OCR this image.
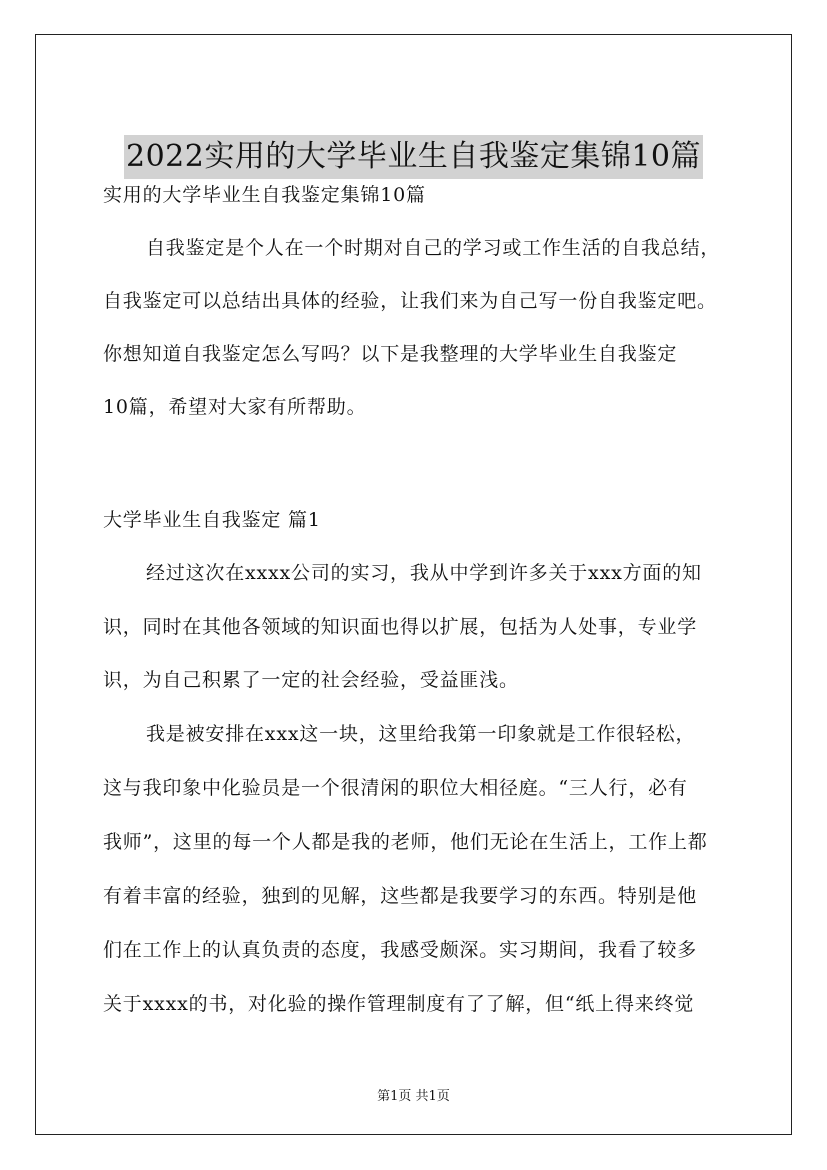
2022实用的大学毕业生自我鉴定集锦10篇
实用的大学毕业生自我鉴定集锦10篇
自我鉴定是个人在一个时期对自己的学习或工作生活的自我总结，
自我鉴定可以总结出具体的经验，让我们来为自己写一份自我鉴定吧。
你想知道自我鉴定怎么写吗？以下是我整理的大学毕业生自我鉴定
10篇，希望对大家有所帮助。
大学毕业生自我鉴定 篇1
经过这次在xxxx公司的实习，我从中学到许多关于xxx方面的知
识，同时在其他各领域的知识面也得以扩展，包括为人处事，专业学
识，为自己积累了一定的社会经验，受益匪浅。
我是被安排在xxx这一块，这里给我第一印象就是工作很轻松，
这与我印象中化验员是一个很清闲的职位大相径庭。“三人行，必有
我师”，这里的每一个人都是我的老师，他们无论在生活上，工作上都
有着丰富的经验，独到的见解，这些都是我要学习的东西。特别是他
们在工作上的认真负责的态度，我感受颇深。实习期间，我看了较多
关于xxxx的书，对化验的操作管理制度有了了解，但“纸上得来终觉
第1页 共1页
